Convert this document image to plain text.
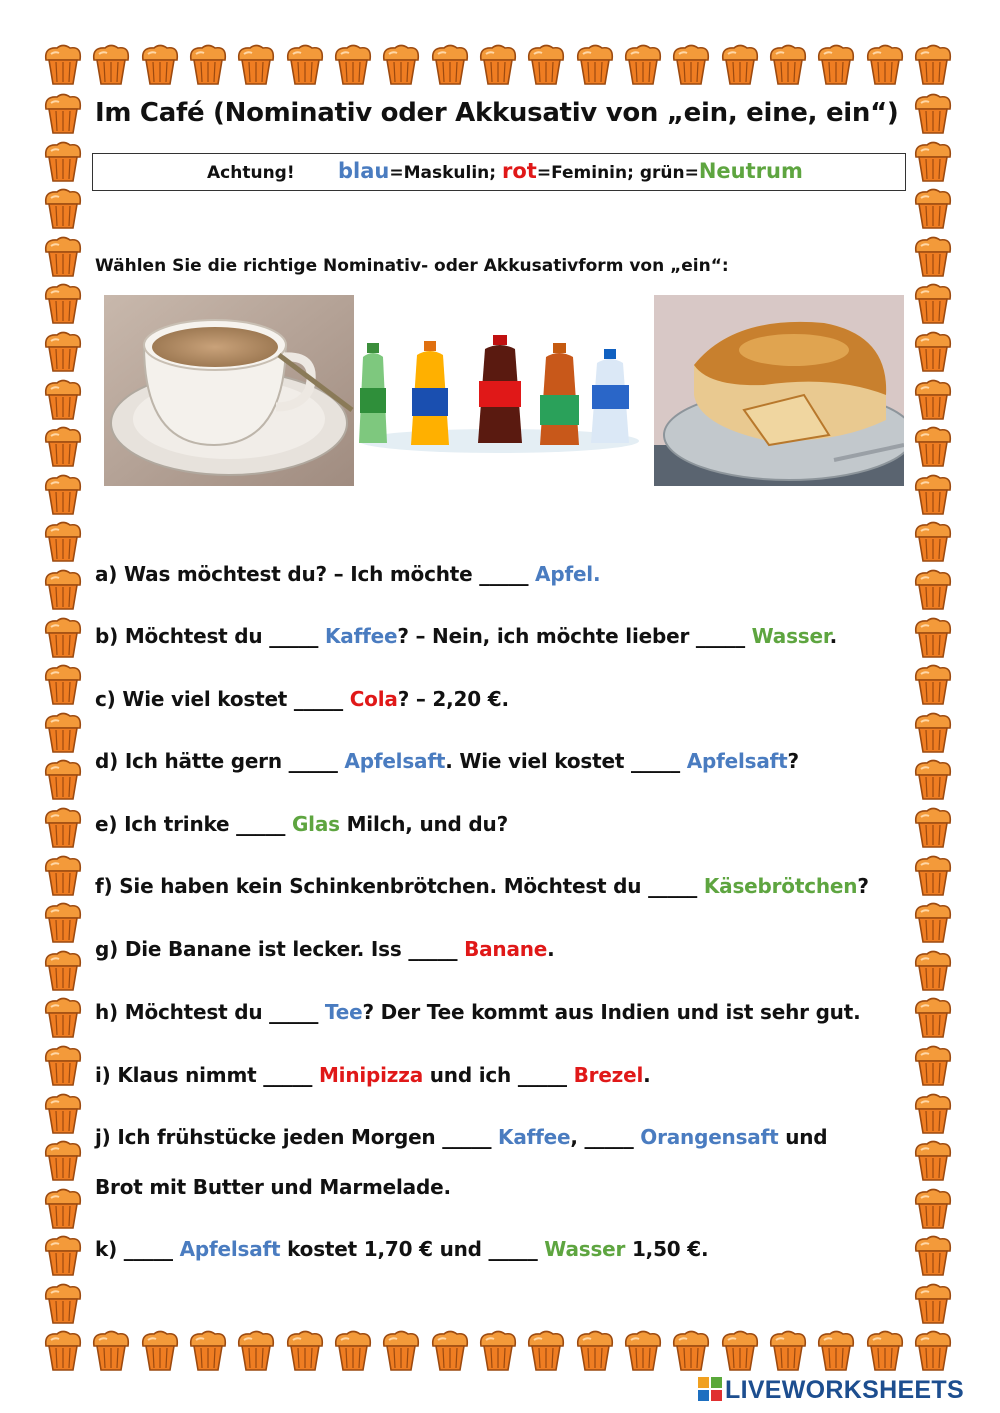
Im Café (Nominativ oder Akkusativ von „ein, eine, ein“)
Achtung! blau=Maskulin; rot=Feminin; grün=Neutrum
Wählen Sie die richtige Nominativ- oder Akkusativform von „ein“:
a) Was möchtest du? – Ich möchte _____ Apfel.
b) Möchtest du _____ Kaffee? – Nein, ich möchte lieber _____ Wasser.
c) Wie viel kostet _____ Cola? – 2,20 €.
d) Ich hätte gern _____ Apfelsaft. Wie viel kostet _____ Apfelsaft?
e) Ich trinke _____ Glas Milch, und du?
f) Sie haben kein Schinkenbrötchen. Möchtest du _____ Käsebrötchen?
g) Die Banane ist lecker. Iss _____ Banane.
h) Möchtest du _____ Tee? Der Tee kommt aus Indien und ist sehr gut.
i) Klaus nimmt _____ Minipizza und ich _____ Brezel.
j) Ich frühstücke jeden Morgen _____ Kaffee, _____ Orangensaft und
Brot mit Butter und Marmelade.
k) _____ Apfelsaft kostet 1,70 € und _____ Wasser 1,50 €.
LIVEWORKSHEETS
